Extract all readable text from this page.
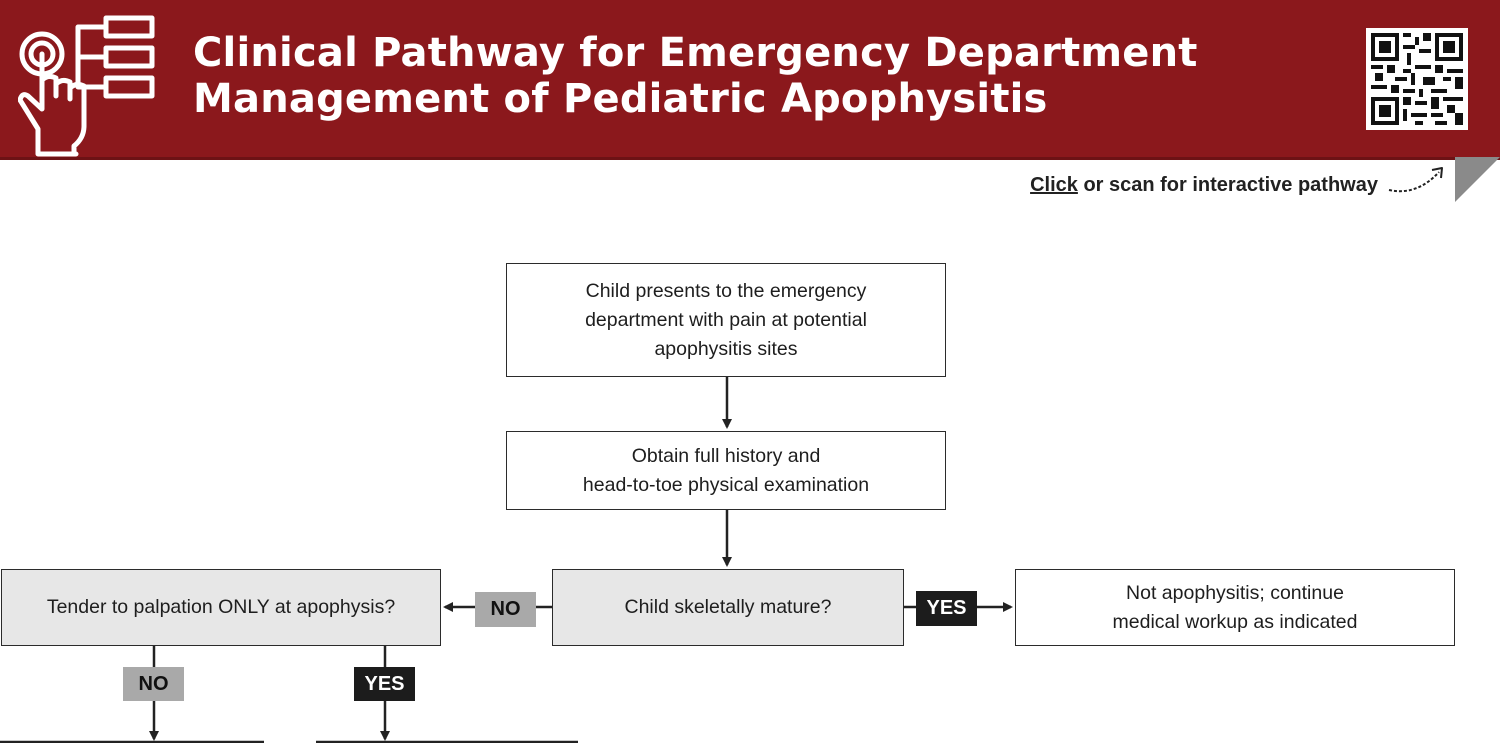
Clinical Pathway for Emergency Department
Management of Pediatric Apophysitis
Click or scan for interactive pathway
Child presents to the emergency
department with pain at potential
apophysitis sites
Obtain full history and
head-to-toe physical examination
Child skeletally mature?
Not apophysitis; continue
medical workup as indicated
Tender to palpation ONLY at apophysis?	NO	YES
NO	YES
